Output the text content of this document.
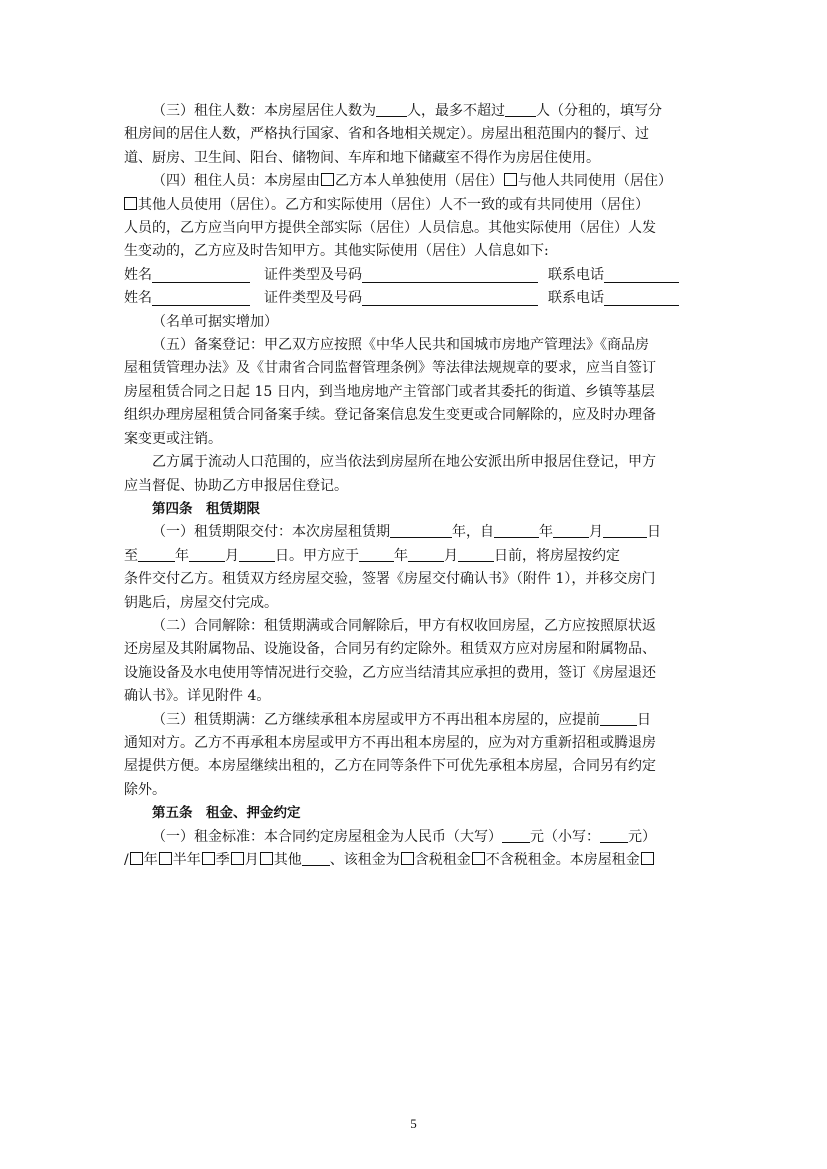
（三）租住人数：本房屋居住人数为 人，最多不超过 人（分租的，填写分
租房间的居住人数，严格执行国家、省和各地相关规定）。房屋出租范围内的餐厅、过
道、厨房、卫生间、阳台、储物间、车库和地下储藏室不得作为房居住使用。

（四）租住人员：本房屋由 乙方本人单独使用（居住） 与他人共同使用（居住）
其他人员使用（居住）。乙方和实际使用（居住）人不一致的或有共同使用（居住）
人员的，乙方应当向甲方提供全部实际（居住）人员信息。其他实际使用（居住）人发
生变动的，乙方应及时告知甲方。其他实际使用（居住）人信息如下:

姓名	证件类型及号码	联系电话
姓名	证件类型及号码	联系电话

（名单可据实增加）

（五）备案登记：甲乙双方应按照《中华人民共和国城市房地产管理法》《商品房
屋租赁管理办法》及《甘肃省合同监督管理条例》等法律法规规章的要求，应当自签订
房屋租赁合同之日起 15 日内，到当地房地产主管部门或者其委托的街道、乡镇等基层
组织办理房屋租赁合同备案手续。登记备案信息发生变更或合同解除的，应及时办理备
案变更或注销。

乙方属于流动人口范围的，应当依法到房屋所在地公安派出所申报居住登记，甲方
应当督促、协助乙方申报居住登记。

第四条　租赁期限

（一）租赁期限交付：本次房屋租赁期	年，自	年	月	日
至	年	月	日。甲方应于	年	月	日前，将房屋按约定
条件交付乙方。租赁双方经房屋交验，签署《房屋交付确认书》（附件 1），并移交房门
钥匙后，房屋交付完成。

（二）合同解除：租赁期满或合同解除后，甲方有权收回房屋，乙方应按照原状返
还房屋及其附属物品、设施设备，合同另有约定除外。租赁双方应对房屋和附属物品、
设施设备及水电使用等情况进行交验，乙方应当结清其应承担的费用，签订《房屋退还
确认书》。详见附件 4。

（三）租赁期满：乙方继续承租本房屋或甲方不再出租本房屋的，应提前	日
通知对方。乙方不再承租本房屋或甲方不再出租本房屋的，应为对方重新招租或腾退房
屋提供方便。本房屋继续出租的，乙方在同等条件下可优先承租本房屋，合同另有约定
除外。

第五条　租金、押金约定

（一）租金标准：本合同约定房屋租金为人民币（大写） 元（小写： 元）
/ 年 半年 季 月 其他 、该租金为 含税租金 不含税租金。本房屋租金

5
